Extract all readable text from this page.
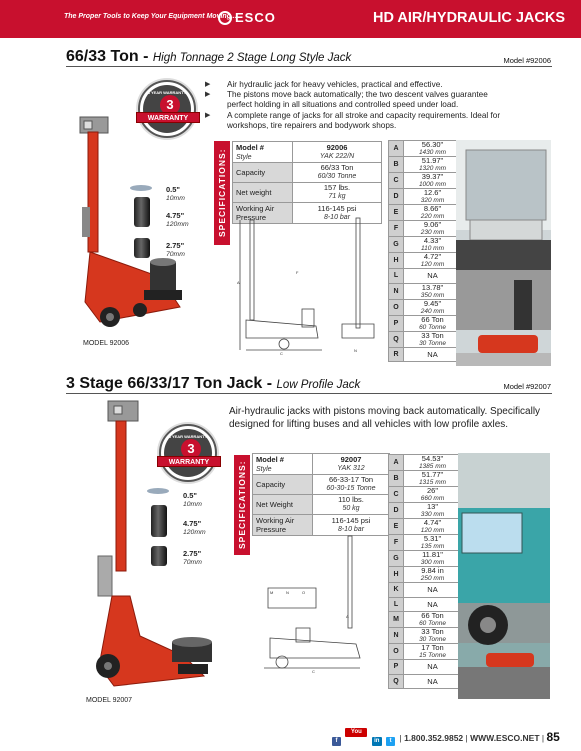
The Proper Tools to Keep Your Equipment Moving...
ESCO	HD AIR/HYDRAULIC JACKS
66/33 Ton - High Tonnage 2 Stage Long Style Jack	Model #92006
▶ Air hydraulic jack for heavy vehicles, practical and effective.
▶ The pistons move back automatically; the two descent valves guarantee perfect holding in all situations and controlled speed under load.
▶ A complete range of jacks for all stroke and capacity requirements. Ideal for workshops, tire repairers and bodywork shops.
3 YEAR WARRANTY
3
WARRANTY
0.5"
10mm
4.75"
120mm
2.75"
70mm
MODEL 92006
SPECIFICATIONS:
Model #
Style	92006
YAK 222/N
Capacity	66/33 Ton
60/30 Tonne
Net weight	157 lbs.
71 kg
Working Air Pressure	116-145 psi
8-10 bar
A
C
F
N
A	56.30"
1430 mm
B	51.97"
1320 mm
C	39.37"
1000 mm
D	12.6"
320 mm
E	8.66"
220 mm
F	9.06"
230 mm
G	4.33"
110 mm
H	4.72"
120 mm
L	NA
N	13.78"
350 mm
O	9.45"
240 mm
P	66 Ton
60 Tonne
Q	33 Ton
30 Tonne
R	NA
3 Stage 66/33/17 Ton Jack - Low Profile Jack	Model #92007
Air-hydraulic jacks with pistons moving back automatically. Specifically designed for lifting buses and all vehicles with low profile axles.
3 YEAR WARRANTY
3
WARRANTY
0.5"
10mm
4.75"
120mm
2.75"
70mm
MODEL 92007
SPECIFICATIONS:
Model #
Style	92007
YAK 312
Capacity	66-33-17 Ton
60-30-15 Tonne
Net Weight	110 lbs.
50 kg
Working Air Pressure	116-145 psi
8-10 bar
M	N	O
C
A
A	54.53"
1385 mm
B	51.77"
1315 mm
C	26"
660 mm
D	13"
330 mm
E	4.74"
120 mm
F	5.31"
135 mm
G	11.81"
300 mm
H	9.84 in
250 mm
K	NA
L	NA
M	66 Ton
60 Tonne
N	33 Ton
30 Tonne
O	17 Ton
15 Tonne
P	NA
Q	NA
f You Tube in t | 1.800.352.9852 | WWW.ESCO.NET | 85
